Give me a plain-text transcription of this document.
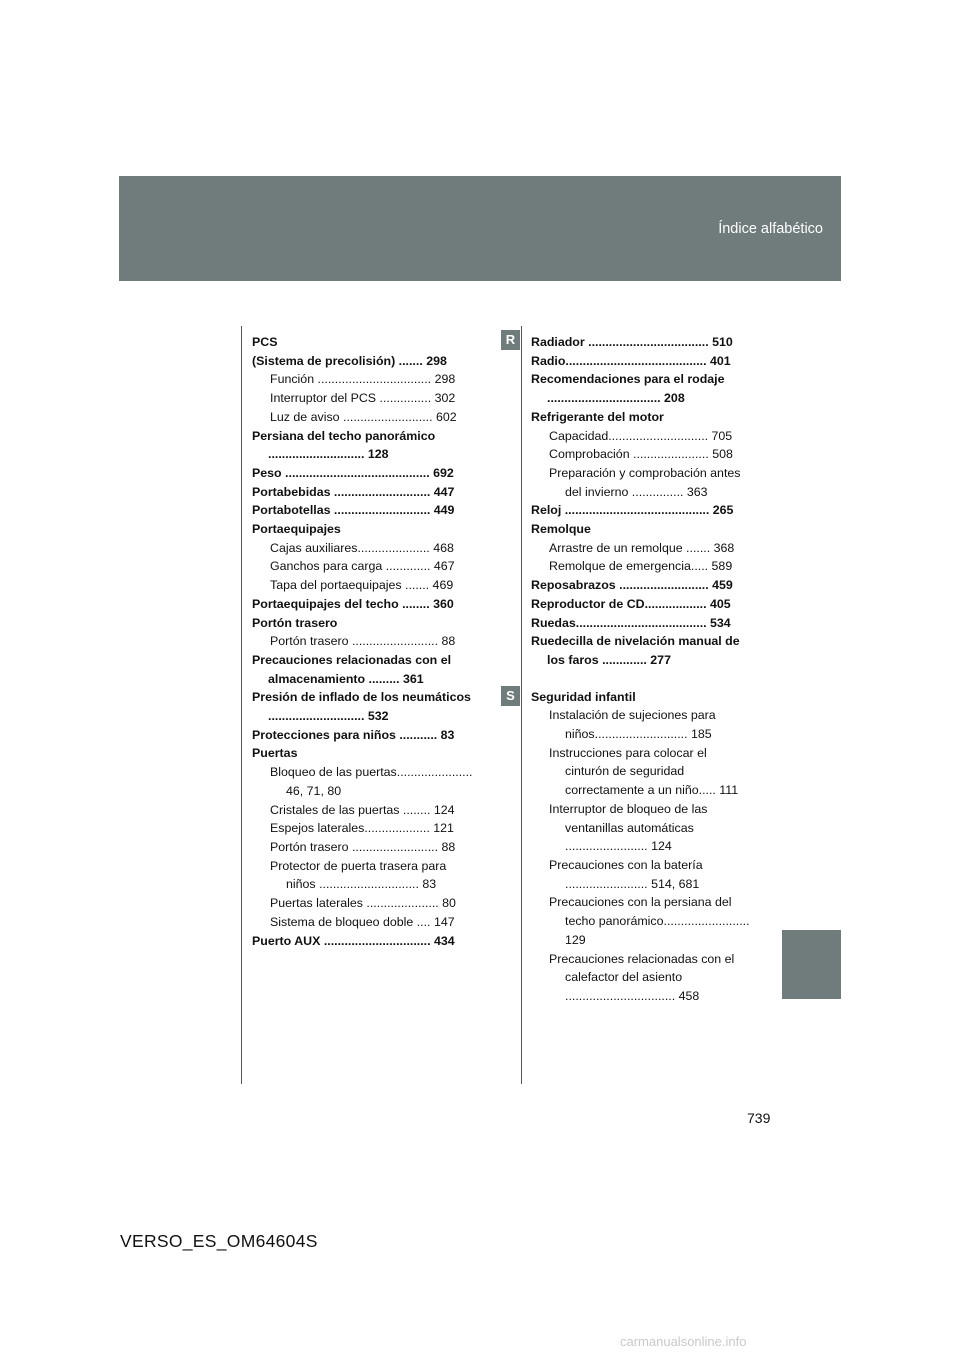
Índice alfabético
R
S
PCS
(Sistema de precolisión) ....... 298
Función ................................. 298
Interruptor del PCS ............... 302
Luz de aviso .......................... 602
Persiana del techo panorámico ............................ 128
Peso .......................................... 692
Portabebidas ............................ 447
Portabotellas ............................ 449
Portaequipajes
Cajas auxiliares..................... 468
Ganchos para carga ............. 467
Tapa del portaequipajes ....... 469
Portaequipajes del techo ........ 360
Portón trasero
Portón trasero ......................... 88
Precauciones relacionadas con el almacenamiento ......... 361
Presión de inflado de los neumáticos ............................ 532
Protecciones para niños ........... 83
Puertas
Bloqueo de las puertas...................... 46, 71, 80
Cristales de las puertas ........ 124
Espejos laterales................... 121
Portón trasero ......................... 88
Protector de puerta trasera para niños ............................. 83
Puertas laterales ..................... 80
Sistema de bloqueo doble .... 147
Puerto AUX ............................... 434
Radiador ................................... 510
Radio......................................... 401
Recomendaciones para el rodaje ................................. 208
Refrigerante del motor
Capacidad............................. 705
Comprobación ...................... 508
Preparación y comprobación antes del invierno ............... 363
Reloj .......................................... 265
Remolque
Arrastre de un remolque ....... 368
Remolque de emergencia..... 589
Reposabrazos .......................... 459
Reproductor de CD.................. 405
Ruedas...................................... 534
Ruedecilla de nivelación manual de los faros ............. 277
Seguridad infantil
Instalación de sujeciones para niños........................... 185
Instrucciones para colocar el cinturón de seguridad correctamente a un niño..... 111
Interruptor de bloqueo de las ventanillas automáticas ........................ 124
Precauciones con la batería ........................ 514, 681
Precauciones con la persiana del techo panorámico......................... 129
Precauciones relacionadas con el calefactor del asiento ................................ 458
739
VERSO_ES_OM64604S
carmanualsonline.info
